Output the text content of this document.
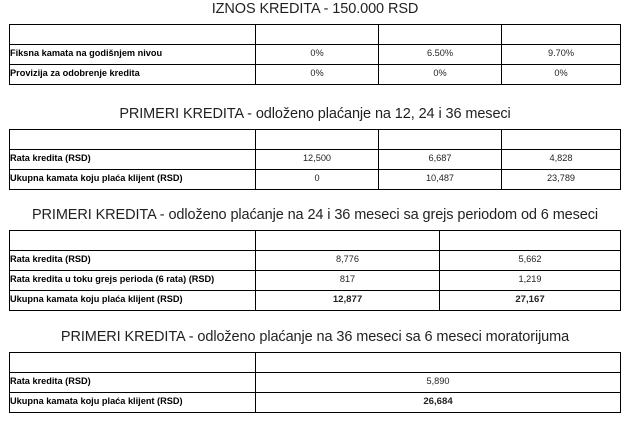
IZNOS KREDITA - 150.000 RSD
Rok u mesecima	12 meseci	24 meseca	36 meseci
Fiksna kamata na godišnjem nivou	0%	6.50%	9.70%
Provizija za odobrenje kredita	0%	0%	0%
PRIMERI KREDITA - odloženo plaćanje na 12, 24 i 36 meseci
Rok u mesecima	12 meseci	24 meseca	36 meseci
Rata kredita (RSD)	12,500	6,687	4,828
Ukupna kamata koju plaća klijent (RSD)	0	10,487	23,789
PRIMERI KREDITA - odloženo plaćanje na 24 i 36 meseci sa grejs periodom od 6 meseci
Rok u mesecima	24 meseca	36 meseci
Rata kredita (RSD)	8,776	5,662
Rata kredita u toku grejs perioda (6 rata) (RSD)	817	1,219
Ukupna kamata koju plaća klijent (RSD)	12,877	27,167
PRIMERI KREDITA - odloženo plaćanje na 36 meseci sa 6 meseci moratorijuma
Rok u mesecima	36 meseci
Rata kredita (RSD)	5,890
Ukupna kamata koju plaća klijent (RSD)	26,684
